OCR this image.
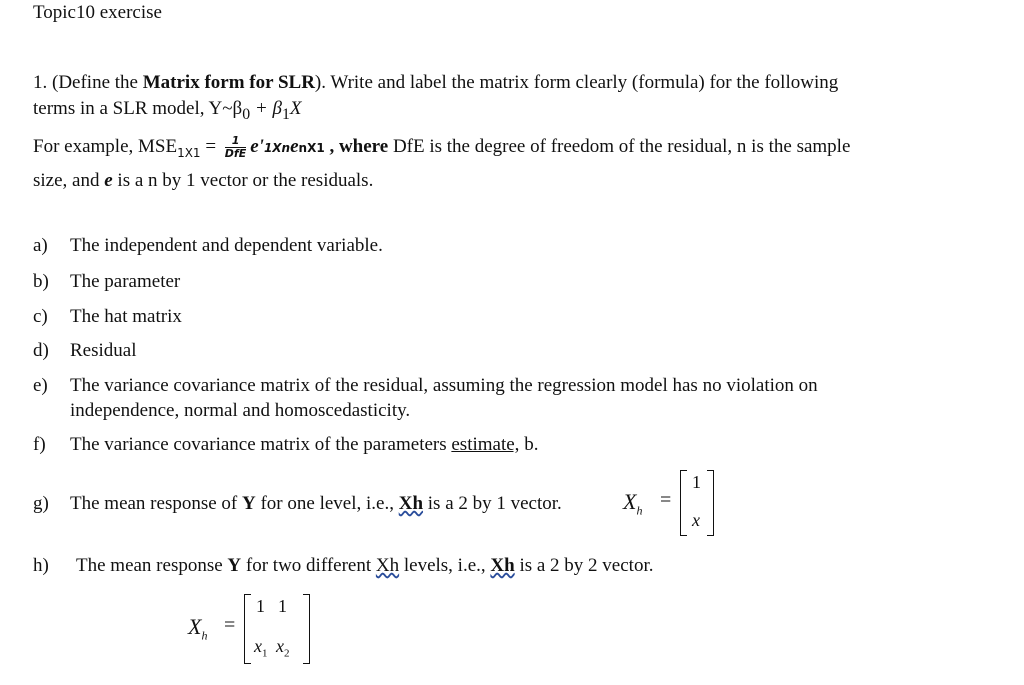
Topic10 exercise
1. (Define the Matrix form for SLR). Write and label the matrix form clearly (formula) for the following
terms in a SLR model, $Y\sim\beta_0 + \beta_1X$
For example, $MSE_{1X1} = \frac{1}{\text{DfE}}$ e'1XnenX1 , where DfE is the degree of freedom of the residual, n is the sample
size, and e is a n by 1 vector or the residuals.
a) The independent and dependent variable.
b) The parameter
c) The hat matrix
d) Residual
e) The variance covariance matrix of the residual, assuming the regression model has no violation on
independence, normal and homoscedasticity.
f) The variance covariance matrix of the parameters estimate, b.
g) The mean response of Y for one level, i.e., Xh is a 2 by 1 vector.	$X_h$ =
1
x
h) The mean response Y for two different Xh levels, i.e., Xh is a 2 by 2 vector.
$X_h$ =
1 1
$x_1$ $x_2$
